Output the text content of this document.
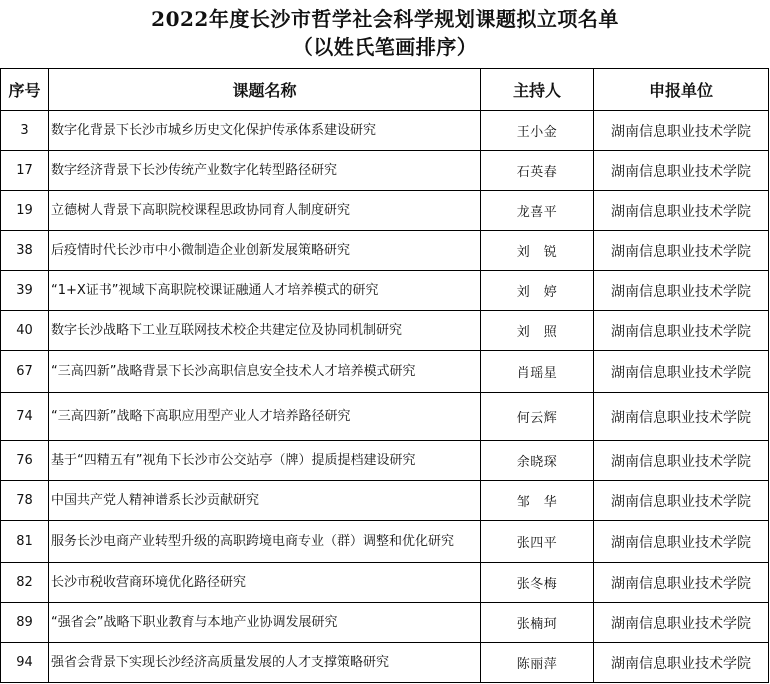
2022年度长沙市哲学社会科学规划课题拟立项名单
（以姓氏笔画排序）
序号	课题名称	主持人	申报单位
3	数字化背景下长沙市城乡历史文化保护传承体系建设研究	王小金	湖南信息职业技术学院
17	数字经济背景下长沙传统产业数字化转型路径研究	石英春	湖南信息职业技术学院
19	立德树人背景下高职院校课程思政协同育人制度研究	龙喜平	湖南信息职业技术学院
38	后疫情时代长沙市中小微制造企业创新发展策略研究	刘　锐	湖南信息职业技术学院
39	“1+X证书”视域下高职院校课证融通人才培养模式的研究	刘　婷	湖南信息职业技术学院
40	数字长沙战略下工业互联网技术校企共建定位及协同机制研究	刘　照	湖南信息职业技术学院
67	“三高四新”战略背景下长沙高职信息安全技术人才培养模式研究	肖瑶星	湖南信息职业技术学院
74	“三高四新”战略下高职应用型产业人才培养路径研究	何云辉	湖南信息职业技术学院
76	基于“四精五有”视角下长沙市公交站亭（牌）提质提档建设研究	余晓琛	湖南信息职业技术学院
78	中国共产党人精神谱系长沙贡献研究	邹　华	湖南信息职业技术学院
81	服务长沙电商产业转型升级的高职跨境电商专业（群）调整和优化研究	张四平	湖南信息职业技术学院
82	长沙市税收营商环境优化路径研究	张冬梅	湖南信息职业技术学院
89	“强省会”战略下职业教育与本地产业协调发展研究	张楠珂	湖南信息职业技术学院
94	强省会背景下实现长沙经济高质量发展的人才支撑策略研究	陈丽萍	湖南信息职业技术学院
